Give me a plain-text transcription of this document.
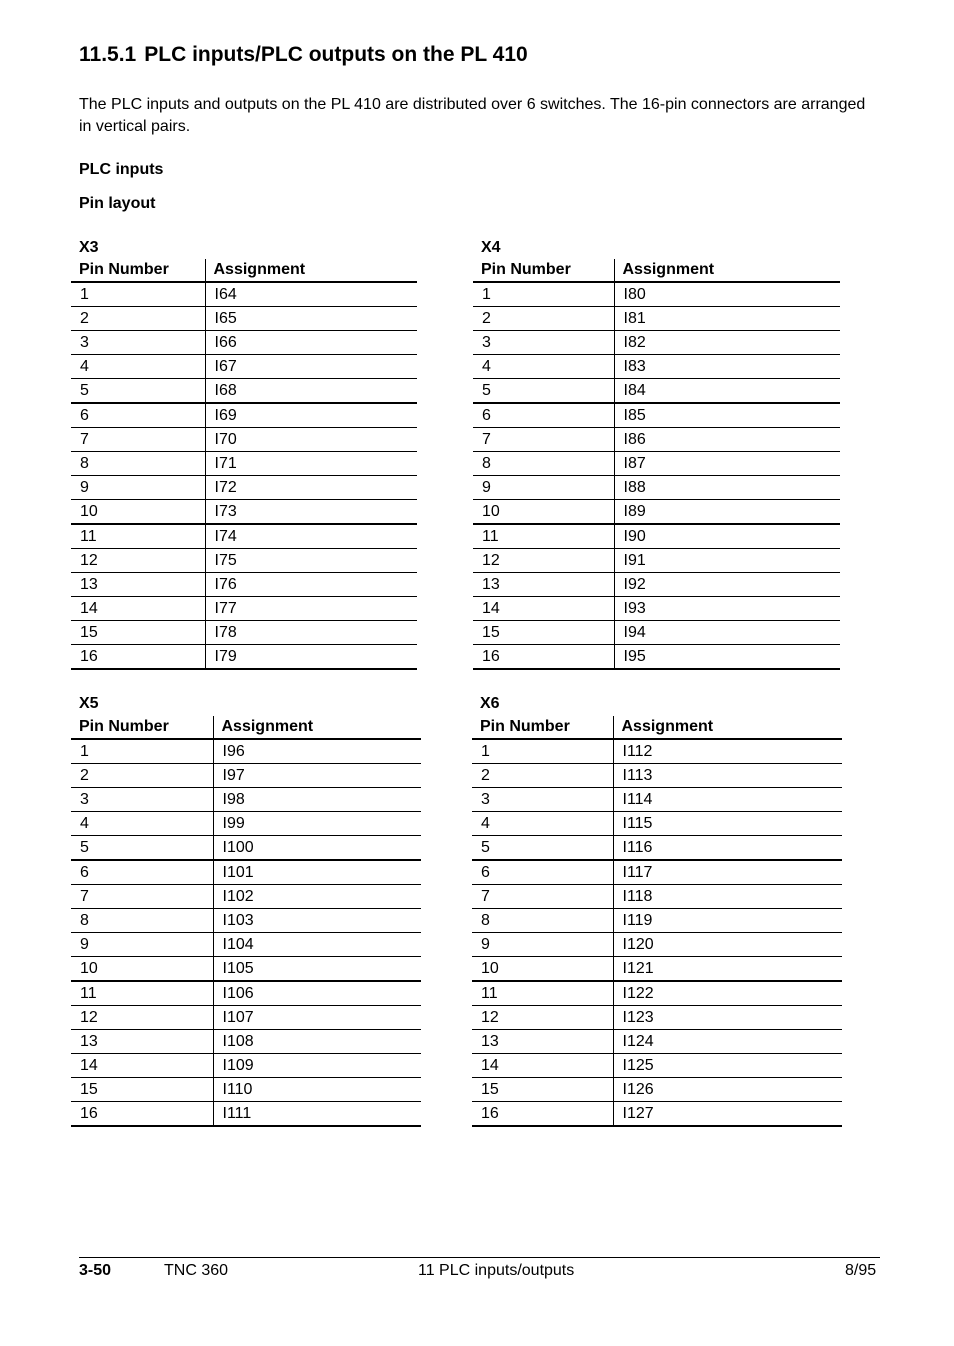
11.5.1 PLC inputs/PLC outputs on the PL 410

The PLC inputs and outputs on the PL 410 are distributed over 6 switches. The 16-pin connectors are arranged in vertical pairs.

PLC inputs

Pin layout

X3

Pin Number	Assignment
1	I64
2	I65
3	I66
4	I67
5	I68
6	I69
7	I70
8	I71
9	I72
10	I73
11	I74
12	I75
13	I76
14	I77
15	I78
16	I79

X4

Pin Number	Assignment
1	I80
2	I81
3	I82
4	I83
5	I84
6	I85
7	I86
8	I87
9	I88
10	I89
11	I90
12	I91
13	I92
14	I93
15	I94
16	I95

X5

Pin Number	Assignment
1	I96
2	I97
3	I98
4	I99
5	I100
6	I101
7	I102
8	I103
9	I104
10	I105
11	I106
12	I107
13	I108
14	I109
15	I110
16	I111

X6

Pin Number	Assignment
1	I112
2	I113
3	I114
4	I115
5	I116
6	I117
7	I118
8	I119
9	I120
10	I121
11	I122
12	I123
13	I124
14	I125
15	I126
16	I127
3-50	TNC 360	11 PLC inputs/outputs	8/95
